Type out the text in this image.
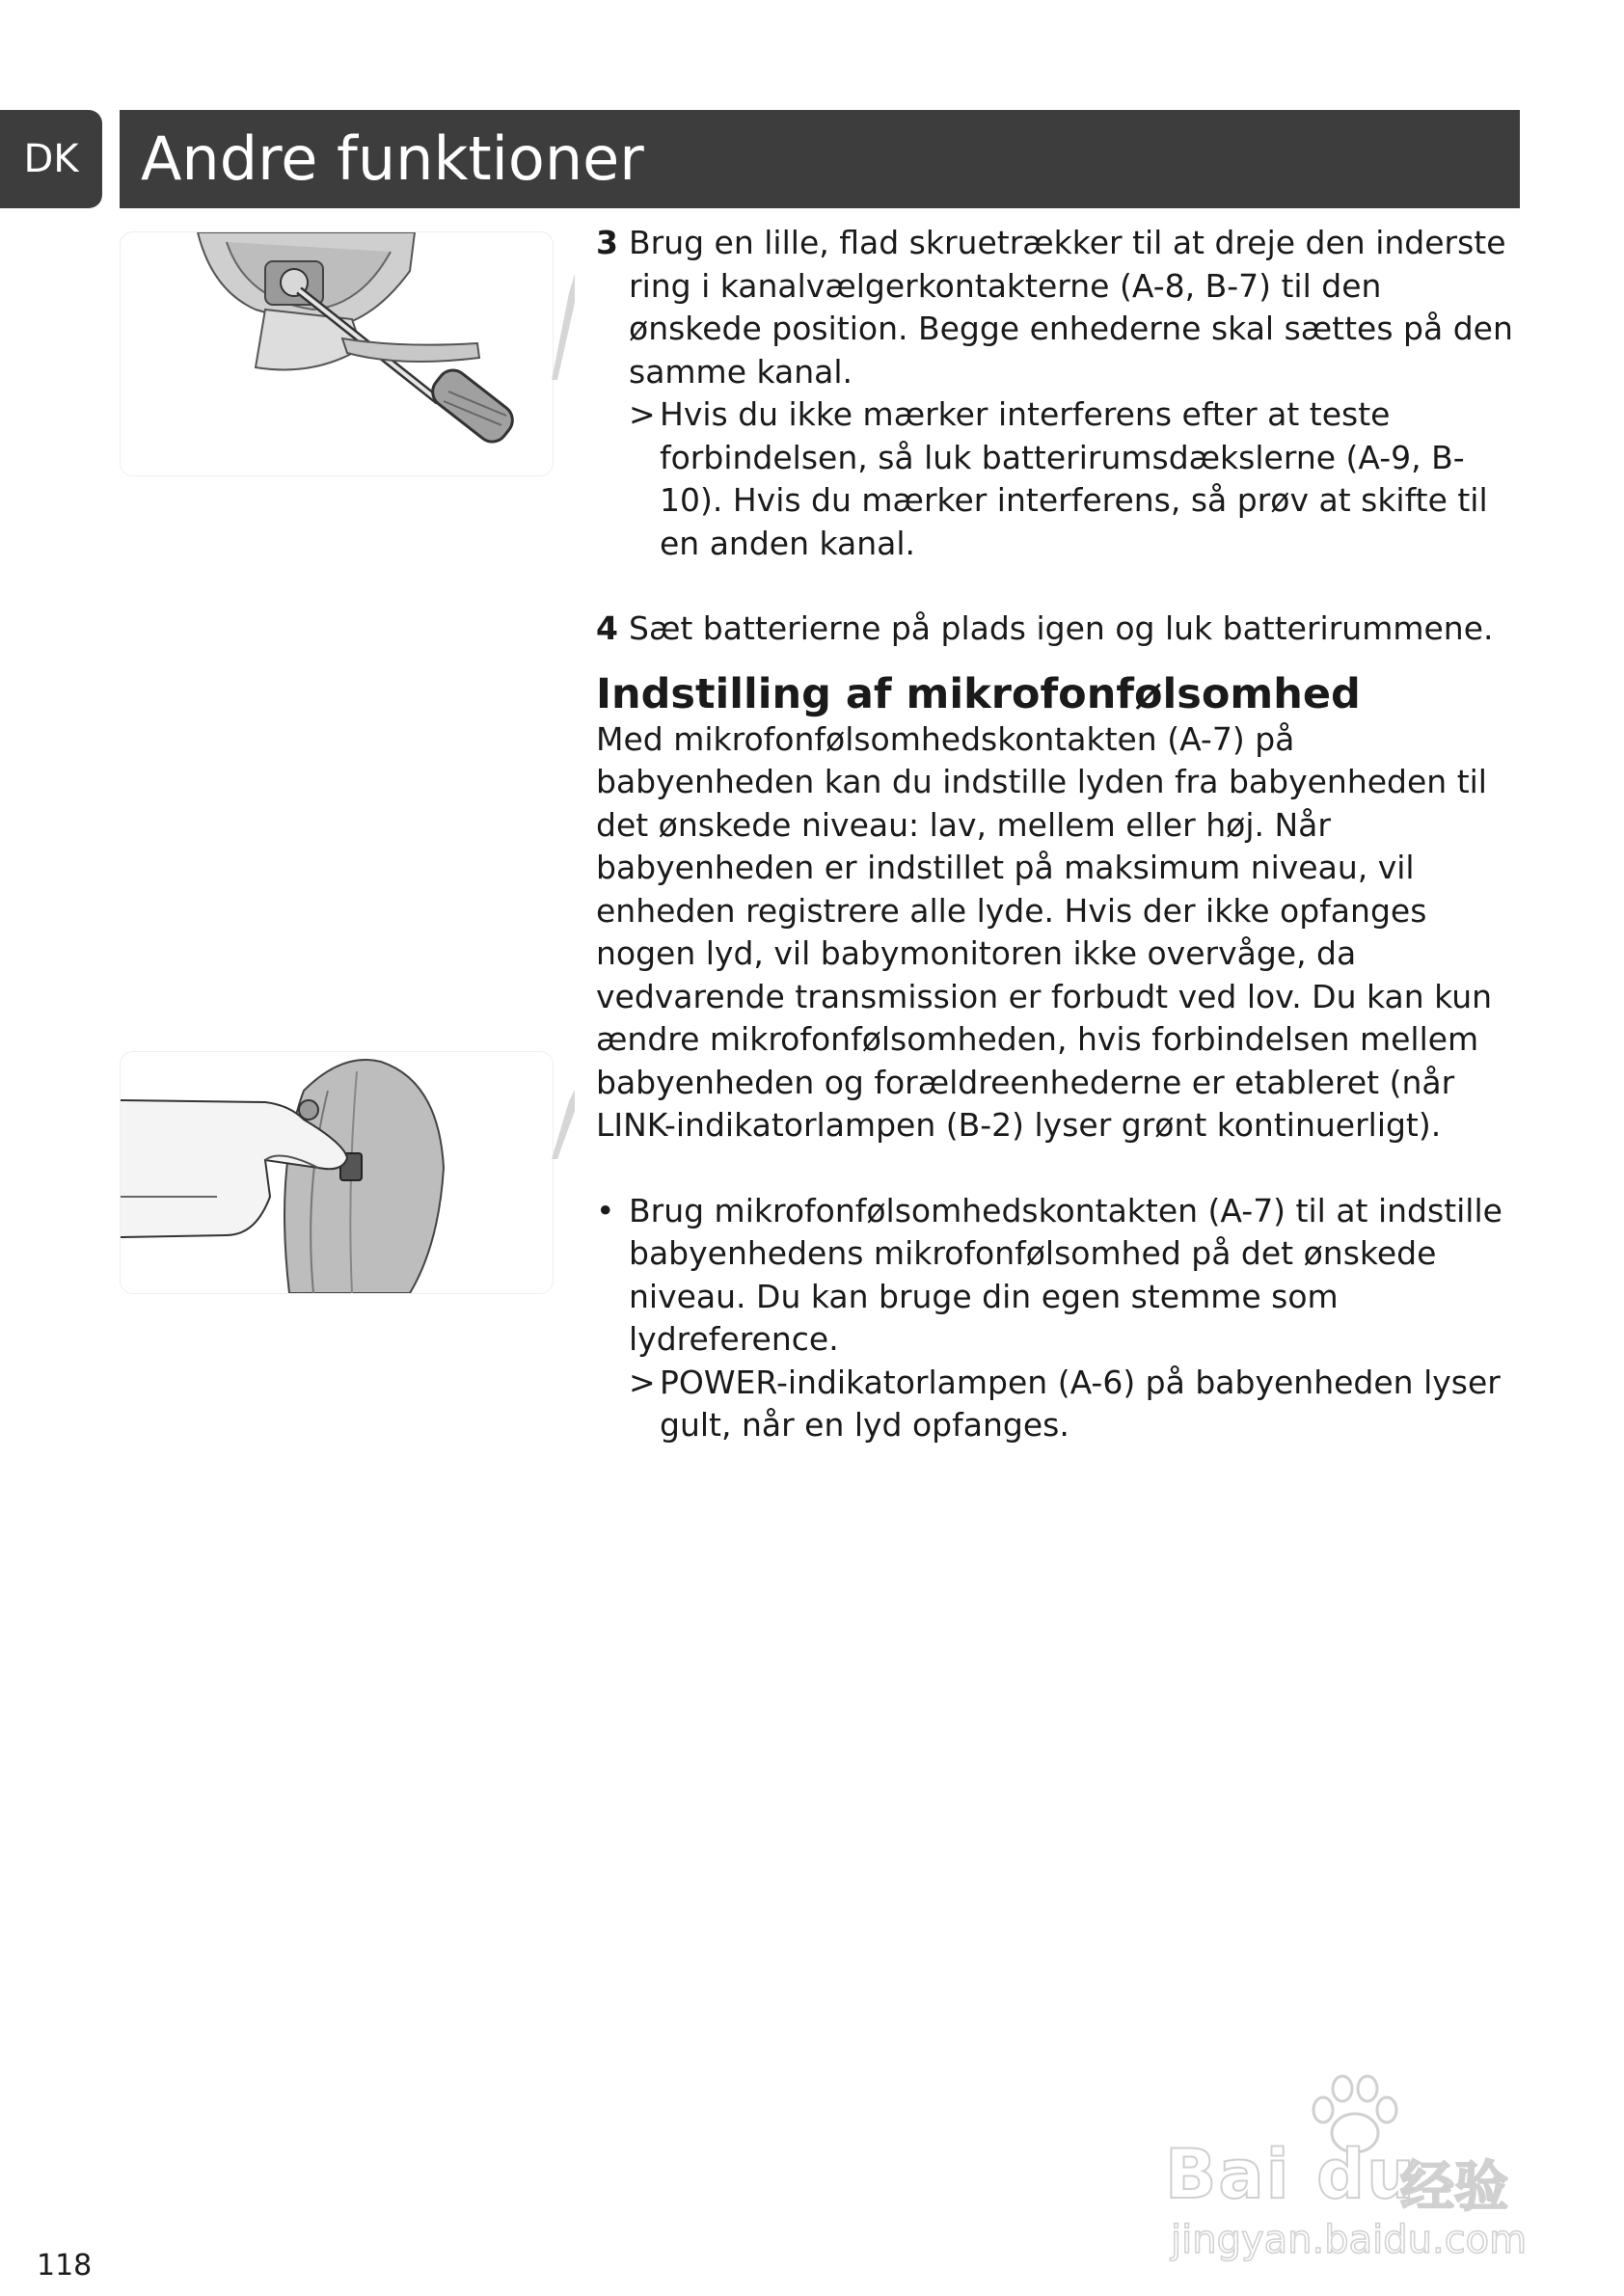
DK	Andre funktioner
3 Brug en lille, flad skruetrækker til at dreje den inderste ring i kanalvælgerkontakterne (A-8, B-7) til den ønskede position. Begge enhederne skal sættes på den samme kanal.
> Hvis du ikke mærker interferens efter at teste forbindelsen, så luk batterirumsdækslerne (A-9, B-10). Hvis du mærker interferens, så prøv at skifte til en anden kanal.
4 Sæt batterierne på plads igen og luk batterirummene.
Indstilling af mikrofonfølsomhed

Med mikrofonfølsomhedskontakten (A-7) på babyenheden kan du indstille lyden fra babyenheden til det ønskede niveau: lav, mellem eller høj. Når babyenheden er indstillet på maksimum niveau, vil enheden registrere alle lyde. Hvis der ikke opfanges nogen lyd, vil babymonitoren ikke overvåge, da vedvarende transmission er forbudt ved lov. Du kan kun ændre mikrofonfølsomheden, hvis forbindelsen mellem babyenheden og forældreenhederne er etableret (når LINK-indikatorlampen (B-2) lyser grønt kontinuerligt).

• Brug mikrofonfølsomhedskontakten (A-7) til at indstille babyenhedens mikrofonfølsomhed på det ønskede niveau. Du kan bruge din egen stemme som lydreference.
> POWER-indikatorlampen (A-6) på babyenheden lyser gult, når en lyd opfanges.
118
Bai du
经验
jingyan.baidu.com
